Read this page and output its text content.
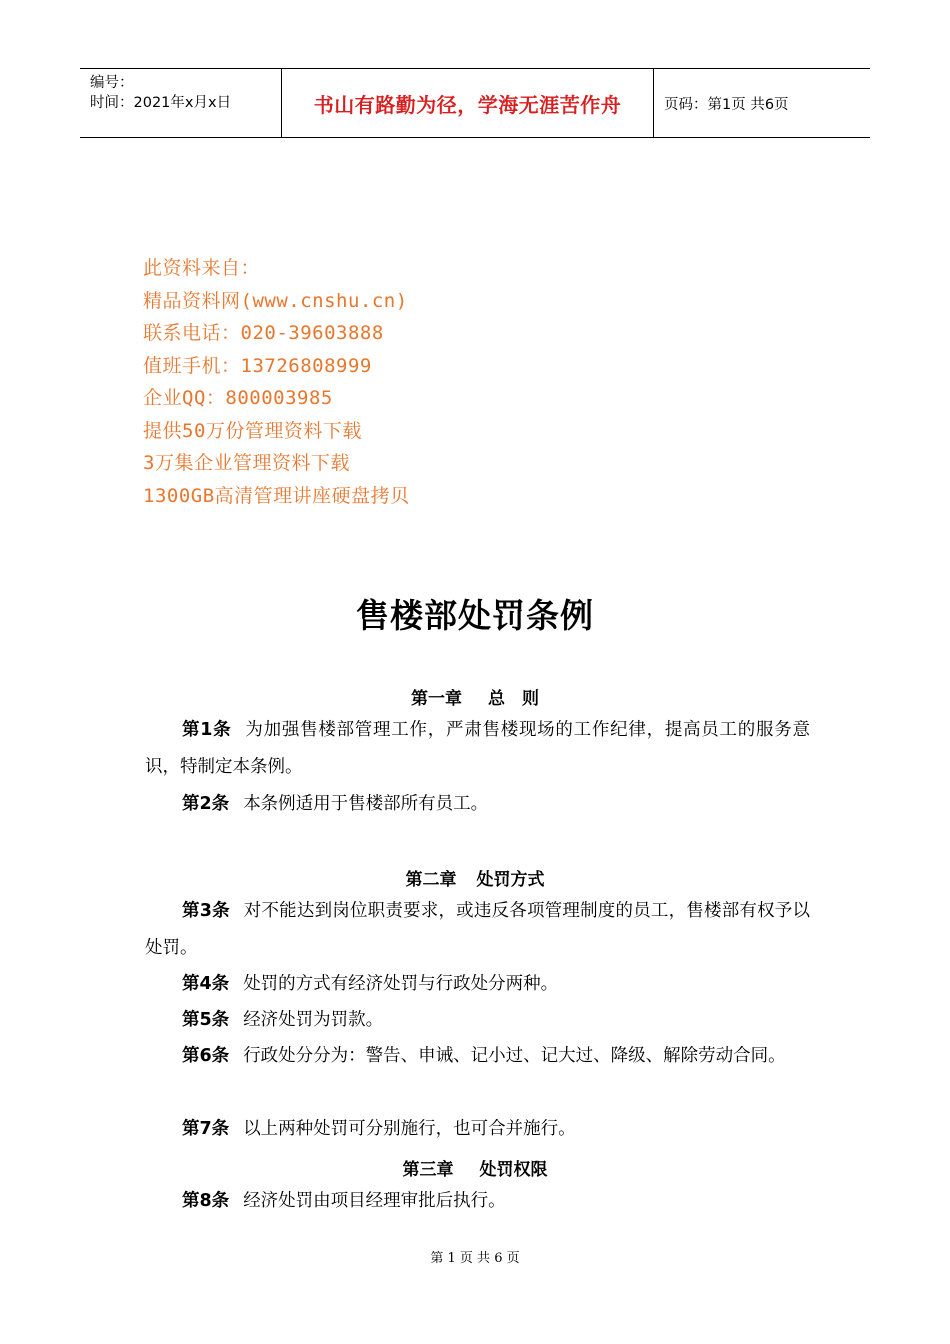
编号：
时间：2021年x月x日	书山有路勤为径，学海无涯苦作舟	页码：第1页 共6页
此资料来自：
精品资料网(www.cnshu.cn)
联系电话：020-39603888
值班手机：13726808999
企业QQ：800003985
提供50万份管理资料下载
3万集企业管理资料下载
1300GB高清管理讲座硬盘拷贝
售楼部处罚条例
第一章 总　则
第1条 为加强售楼部管理工作，严肃售楼现场的工作纪律，提高员工的服务意识，特制定本条例。
第2条 本条例适用于售楼部所有员工。
第二章 处罚方式
第3条 对不能达到岗位职责要求，或违反各项管理制度的员工，售楼部有权予以处罚。
第4条 处罚的方式有经济处罚与行政处分两种。
第5条 经济处罚为罚款。
第6条 行政处分分为：警告、申诫、记小过、记大过、降级、解除劳动合同。
第7条 以上两种处罚可分别施行，也可合并施行。
第三章 处罚权限
第8条 经济处罚由项目经理审批后执行。
第 1 页 共 6 页
